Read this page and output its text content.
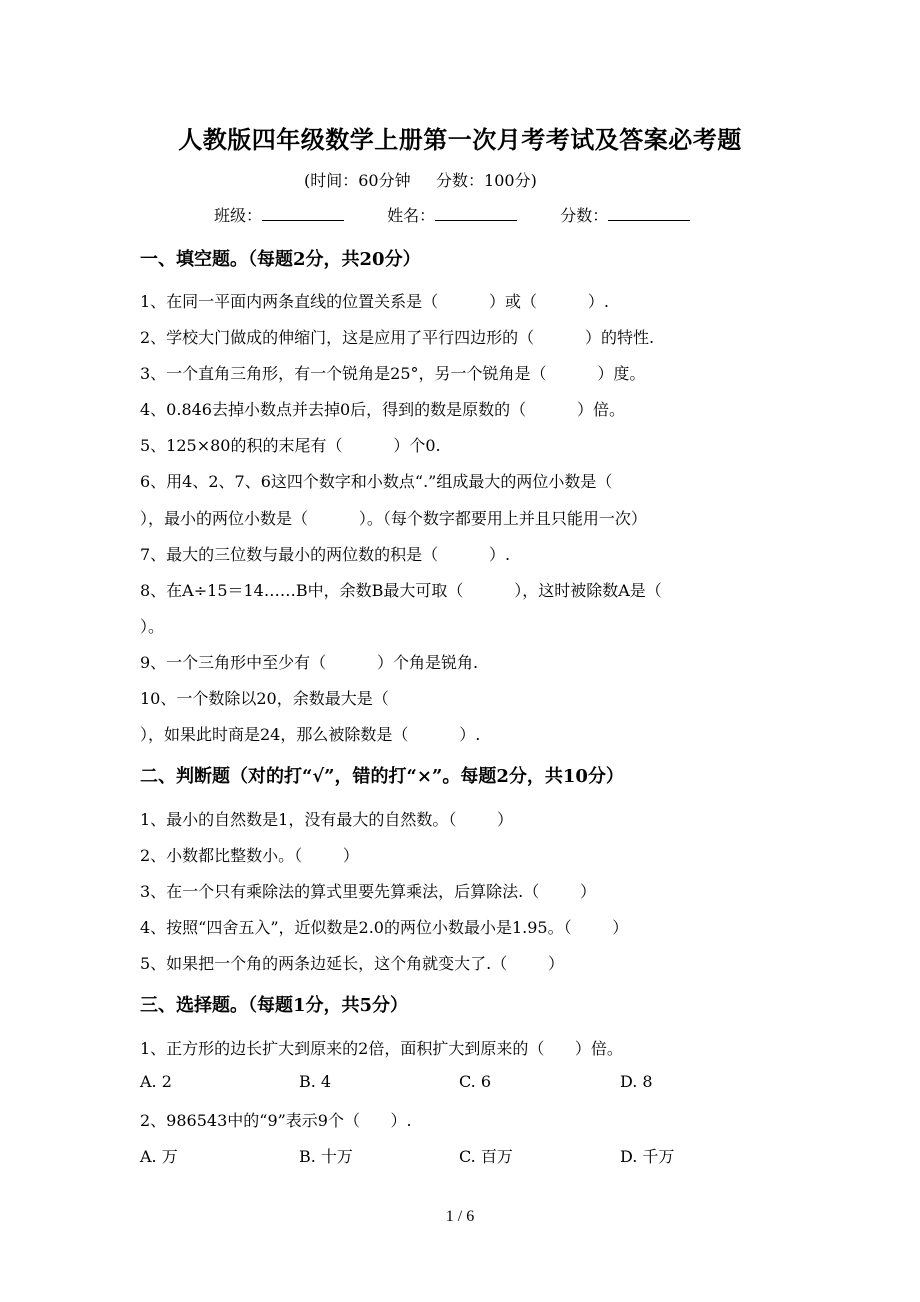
人教版四年级数学上册第一次月考考试及答案必考题
(时间：60分钟     分数：100分)
班级：	姓名：	分数：
一、填空题。（每题2分，共20分）
1、在同一平面内两条直线的位置关系是（          ）或（          ）.
2、学校大门做成的伸缩门，这是应用了平行四边形的（          ）的特性.
3、一个直角三角形，有一个锐角是25°，另一个锐角是（          ）度。
4、0.846去掉小数点并去掉0后，得到的数是原数的（          ）倍。
5、125×80的积的末尾有（          ）个0.
6、用4、2、7、6这四个数字和小数点“.”组成最大的两位小数是（
），最小的两位小数是（          ）。（每个数字都要用上并且只能用一次）
7、最大的三位数与最小的两位数的积是（          ）.
8、在A÷15＝14……B中，余数B最大可取（          ），这时被除数A是（
）。
9、一个三角形中至少有（          ）个角是锐角.
10、一个数除以20，余数最大是（
），如果此时商是24，那么被除数是（          ）.
二、判断题（对的打“√”，错的打“×”。每题2分，共10分）
1、最小的自然数是1，没有最大的自然数。（        ）
2、小数都比整数小。（        ）
3、在一个只有乘除法的算式里要先算乘法，后算除法.（        ）
4、按照“四舍五入”，近似数是2.0的两位小数最小是1.95。（        ）
5、如果把一个角的两条边延长，这个角就变大了.（        ）
三、选择题。（每题1分，共5分）
1、正方形的边长扩大到原来的2倍，面积扩大到原来的（      ）倍。
A. 2	B. 4	C. 6	D. 8
2、986543中的“9”表示9个（      ）.
A. 万	B. 十万	C. 百万	D. 千万
1 / 6
